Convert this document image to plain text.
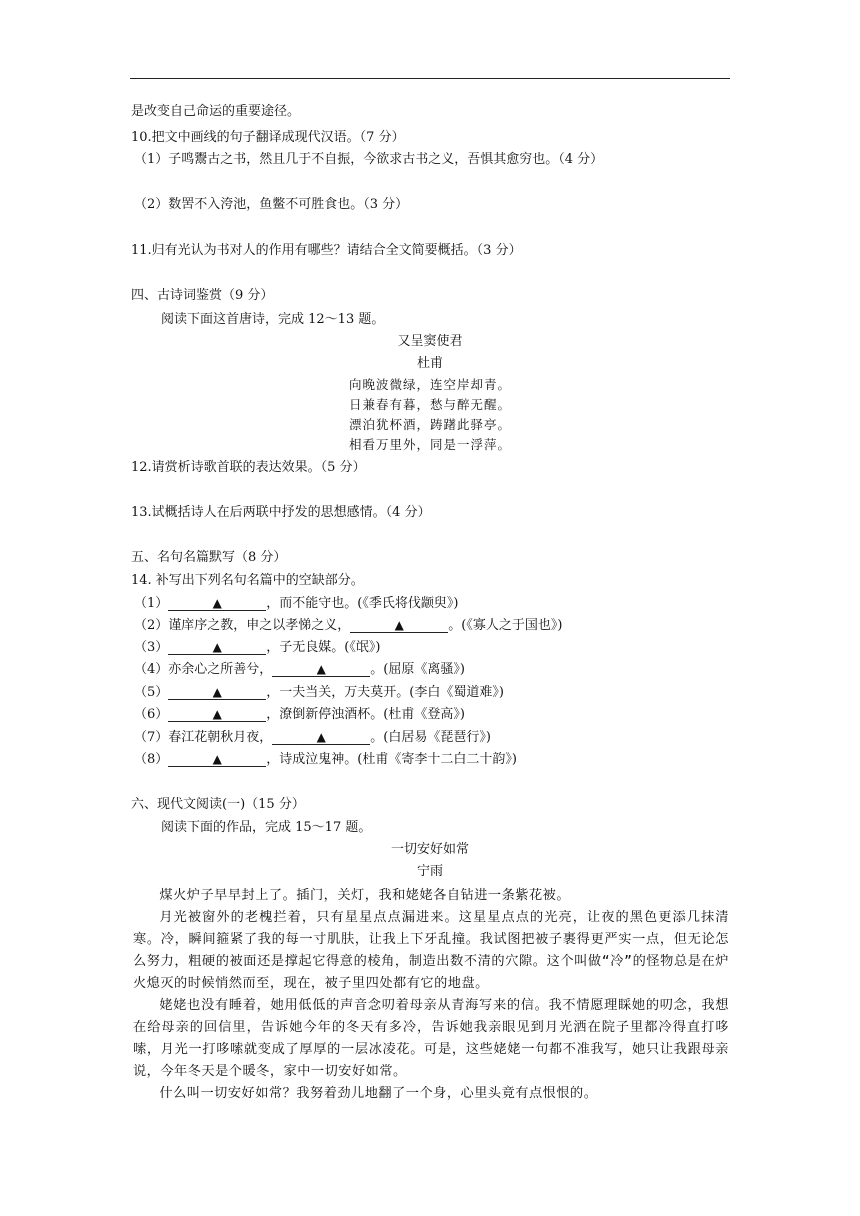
是改变自己命运的重要途径。
10.把文中画线的句子翻译成现代汉语。（7 分）
（1）子鸣鬻古之书，然且几于不自振，今欲求古书之义，吾惧其愈穷也。（4 分）
（2）数罟不入洿池，鱼鳖不可胜食也。（3 分）
11.归有光认为书对人的作用有哪些？请结合全文简要概括。（3 分）
四、古诗词鉴赏（9 分）
阅读下面这首唐诗，完成 12～13 题。
又呈窦使君
杜甫
向晚波微绿，连空岸却青。
日兼春有暮，愁与醉无醒。
漂泊犹杯酒，踌躇此驿亭。
相看万里外，同是一浮萍。
12.请赏析诗歌首联的表达效果。（5 分）
13.试概括诗人在后两联中抒发的思想感情。（4 分）
五、名句名篇默写（8 分）
14. 补写出下列名句名篇中的空缺部分。
（1）	▲	，而不能守也。(《季氏将伐颛臾》)
（2）谨庠序之教，申之以孝悌之义，	▲	。(《寡人之于国也》)
（3）	▲	，子无良媒。(《氓》)
（4）亦余心之所善兮，	▲	。(屈原《离骚》)
（5）	▲	，一夫当关，万夫莫开。(李白《蜀道难》)
（6）	▲	，潦倒新停浊酒杯。(杜甫《登高》)
（7）春江花朝秋月夜，	▲	。(白居易《琵琶行》)
（8）	▲	，诗成泣鬼神。(杜甫《寄李十二白二十韵》)
六、现代文阅读(一)（15 分）
阅读下面的作品，完成 15～17 题。
一切安好如常
宁雨
煤火炉子早早封上了。插门，关灯，我和姥姥各自钻进一条紫花被。
月光被窗外的老槐拦着，只有星星点点漏进来。这星星点点的光亮，让夜的黑色更添几抹清寒。冷，瞬间箍紧了我的每一寸肌肤，让我上下牙乱撞。我试图把被子裹得更严实一点，但无论怎么努力，粗硬的被面还是撑起它得意的棱角，制造出数不清的穴隙。这个叫做“冷”的怪物总是在炉火熄灭的时候悄然而至，现在，被子里四处都有它的地盘。
姥姥也没有睡着，她用低低的声音念叨着母亲从青海写来的信。我不情愿理睬她的叨念，我想在给母亲的回信里，告诉她今年的冬天有多冷，告诉她我亲眼见到月光洒在院子里都冷得直打哆嗦，月光一打哆嗦就变成了厚厚的一层冰凌花。可是，这些姥姥一句都不准我写，她只让我跟母亲说，今年冬天是个暖冬，家中一切安好如常。
什么叫一切安好如常？我努着劲儿地翻了一个身，心里头竟有点恨恨的。
